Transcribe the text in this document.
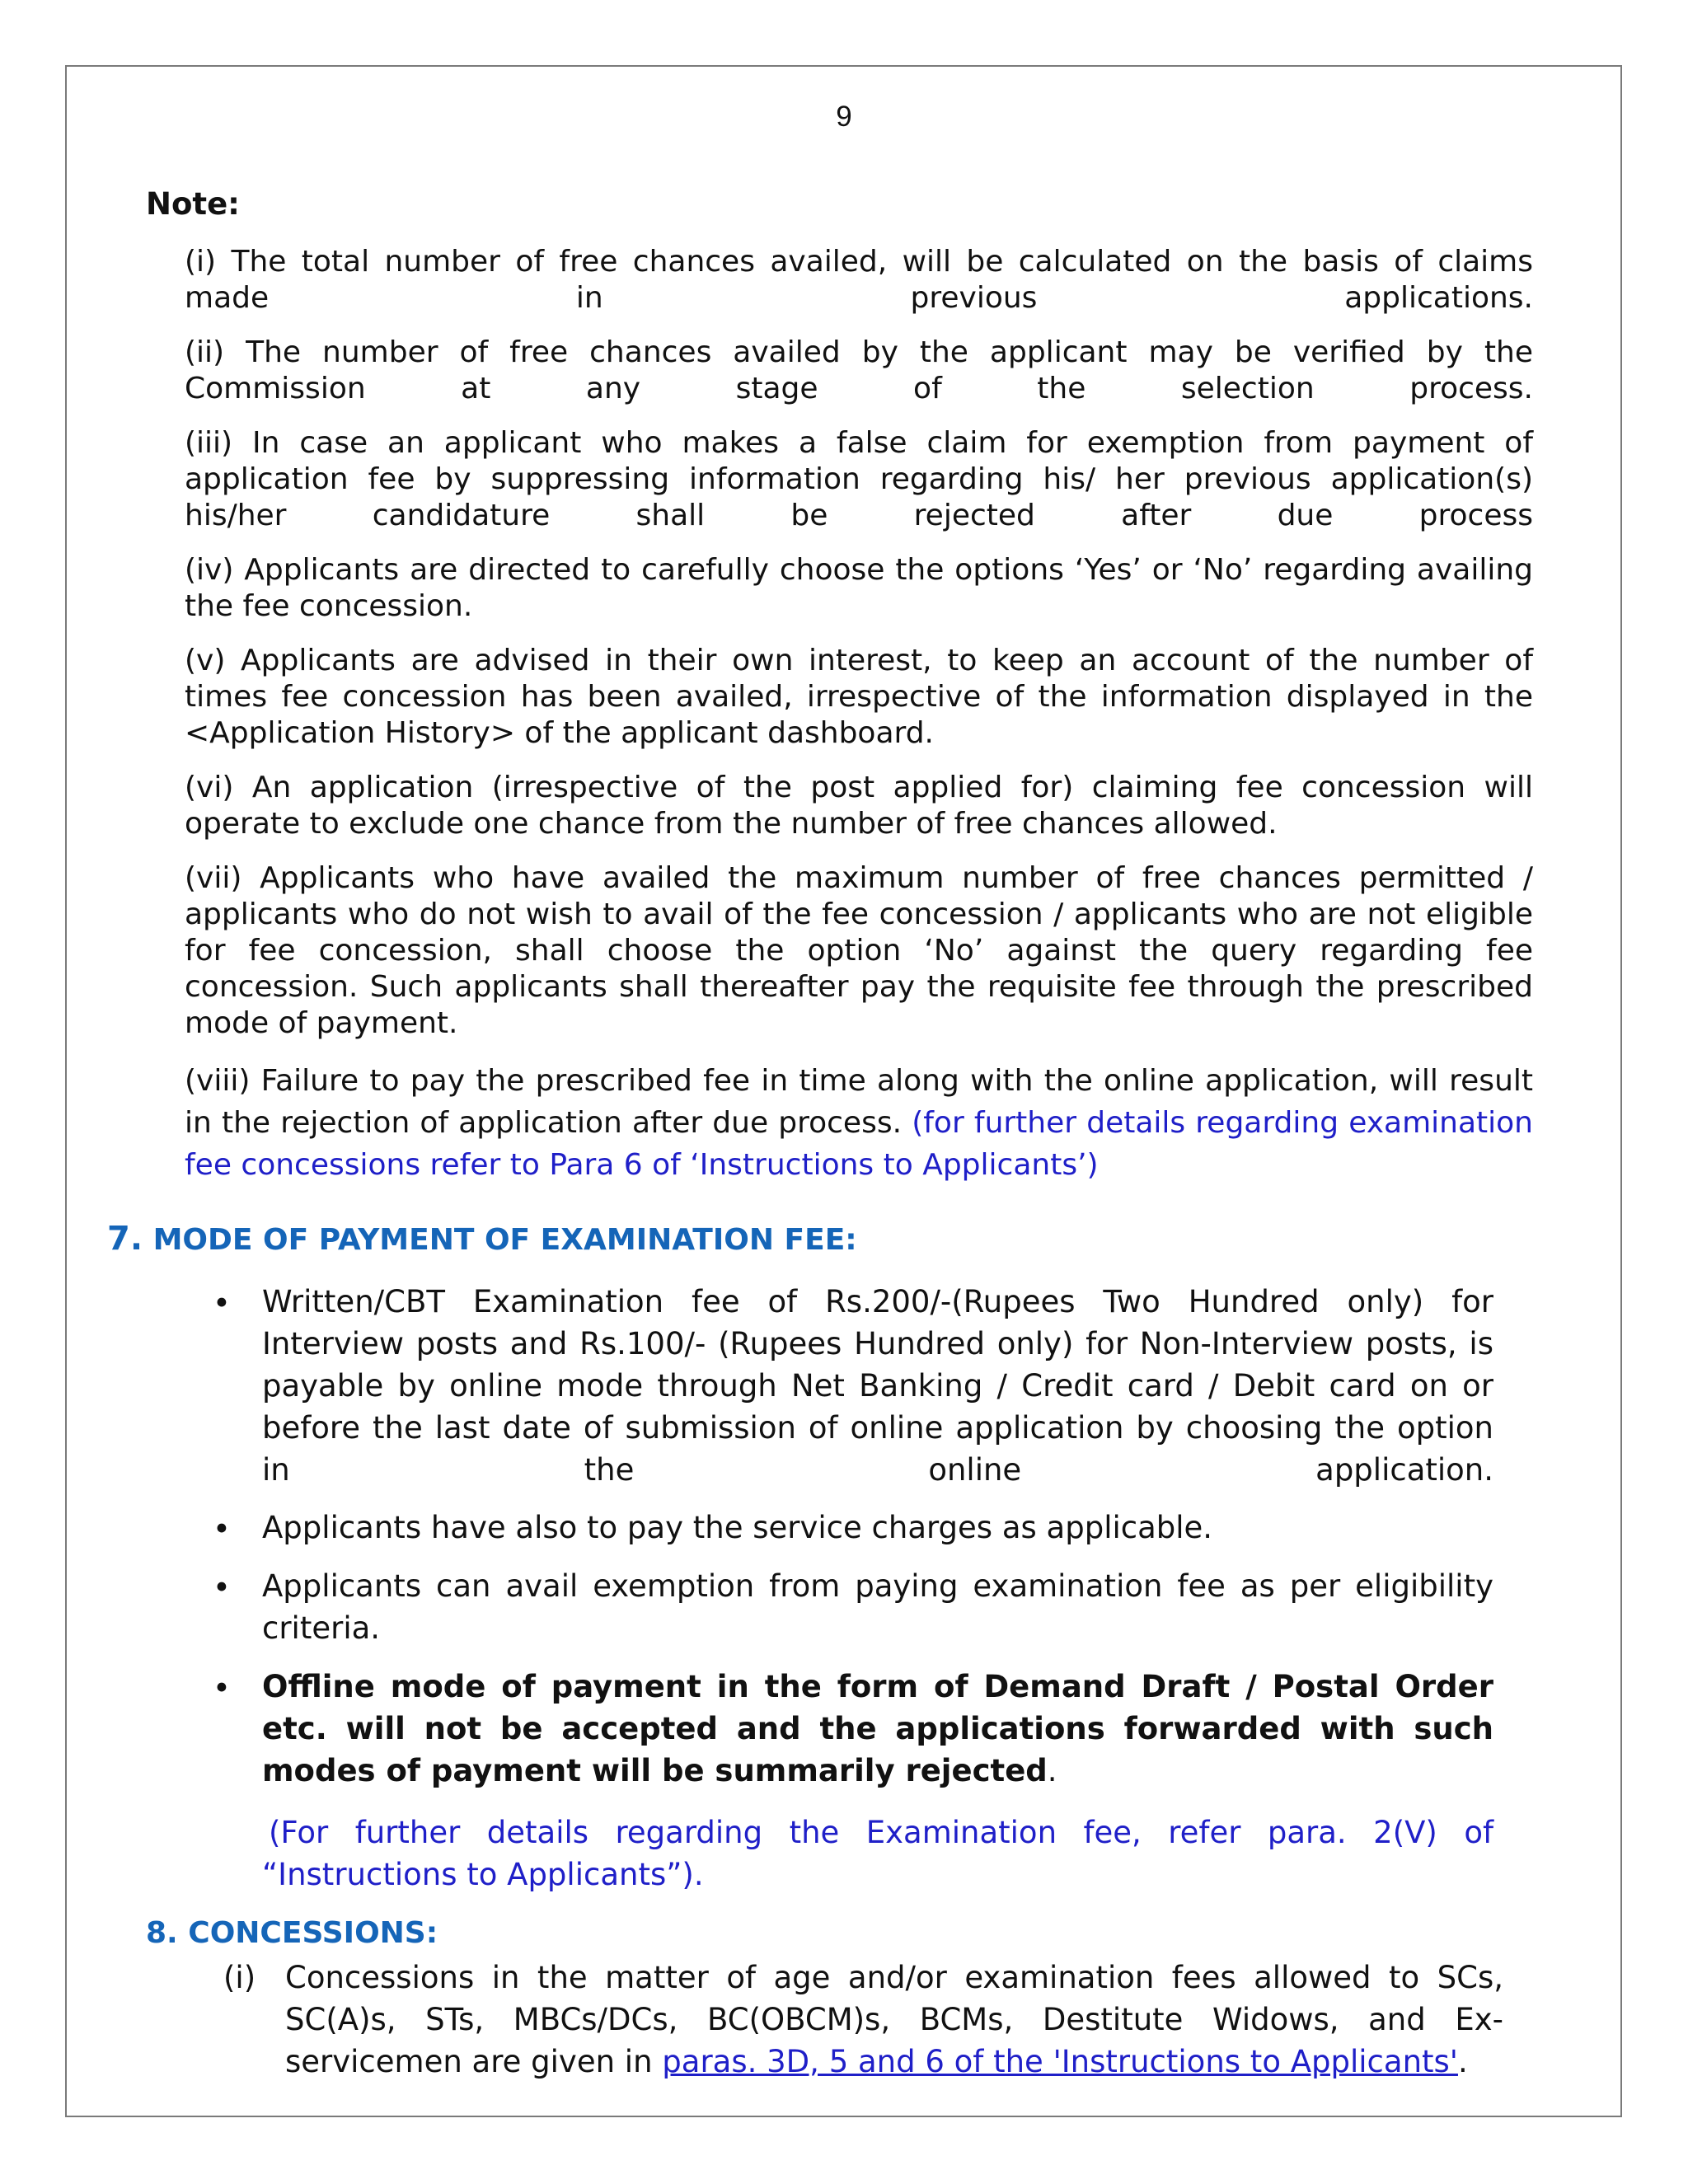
9
Note:

(i) The total number of free chances availed, will be calculated on the basis of claims made in previous applications.

(ii) The number of free chances availed by the applicant may be verified by the Commission at any stage of the selection process.

(iii) In case an applicant who makes a false claim for exemption from payment of application fee by suppressing information regarding his/ her previous application(s) his/her candidature shall be rejected after due process

(iv) Applicants are directed to carefully choose the options ‘Yes’ or ‘No’ regarding availing the fee concession.

(v) Applicants are advised in their own interest, to keep an account of the number of times fee concession has been availed, irrespective of the information displayed in the <Application History> of the applicant dashboard.

(vi) An application (irrespective of the post applied for) claiming fee concession will operate to exclude one chance from the number of free chances allowed.

(vii) Applicants who have availed the maximum number of free chances permitted / applicants who do not wish to avail of the fee concession / applicants who are not eligible for fee concession, shall choose the option ‘No’ against the query regarding fee concession. Such applicants shall thereafter pay the requisite fee through the prescribed mode of payment.

(viii) Failure to pay the prescribed fee in time along with the online application, will result in the rejection of application after due process. (for further details regarding examination fee concessions refer to Para 6 of ‘Instructions to Applicants’)

7. MODE OF PAYMENT OF EXAMINATION FEE:
• Written/CBT Examination fee of Rs.200/-(Rupees Two Hundred only) for Interview posts and Rs.100/- (Rupees Hundred only) for Non-Interview posts, is payable by online mode through Net Banking / Credit card / Debit card on or before the last date of submission of online application by choosing the option in the online application.

• Applicants have also to pay the service charges as applicable.

• Applicants can avail exemption from paying examination fee as per eligibility criteria.

• Offline mode of payment in the form of Demand Draft / Postal Order etc. will not be accepted and the applications forwarded with such modes of payment will be summarily rejected.

(For further details regarding the Examination fee, refer para. 2(V) of “Instructions to Applicants”).

8. CONCESSIONS:
(i) Concessions in the matter of age and/or examination fees allowed to SCs, SC(A)s, STs, MBCs/DCs, BC(OBCM)s, BCMs, Destitute Widows, and Ex-servicemen are given in paras. 3D, 5 and 6 of the 'Instructions to Applicants'.
